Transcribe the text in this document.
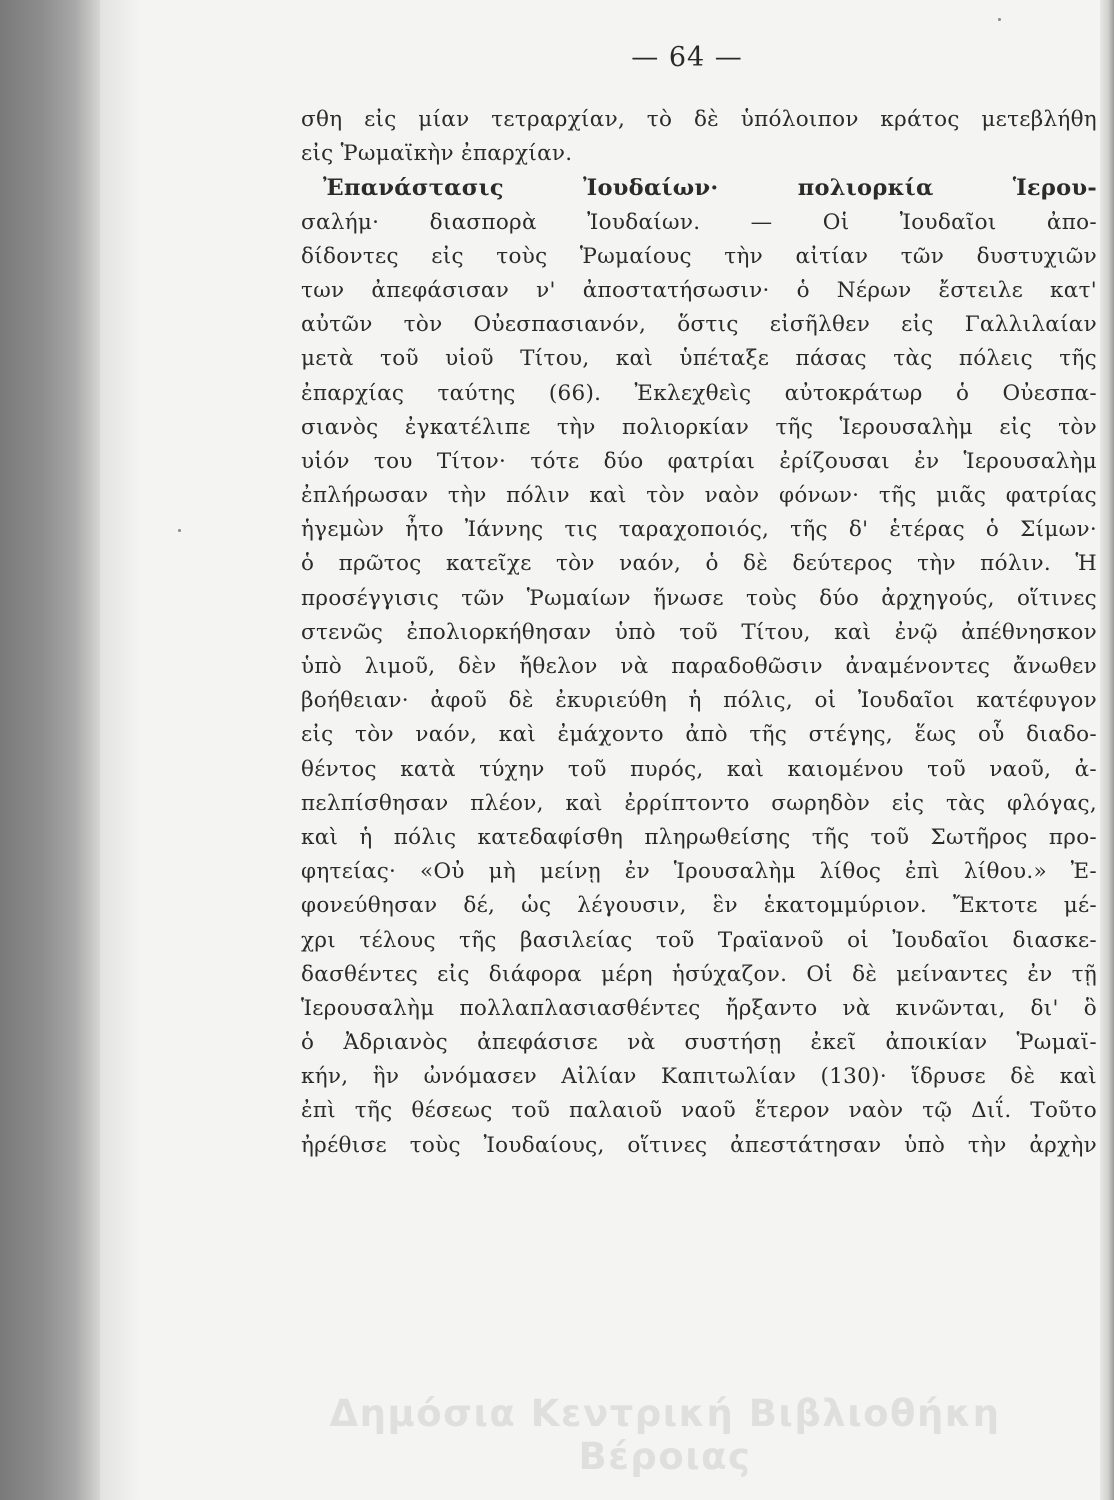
— 64 —
σθη εἰς μίαν τετραρχίαν, τὸ δὲ ὑπόλοιπον κράτος μετεβλήθη
εἰς Ῥωμαϊκὴν ἐπαρχίαν.
Ἐπανάστασις Ἰουδαίων· πολιορκία Ἱερου-
σαλήμ· διασπορὰ Ἰουδαίων. — Οἱ Ἰουδαῖοι ἀπο-
δίδοντες εἰς τοὺς Ῥωμαίους τὴν αἰτίαν τῶν δυστυχιῶν
των ἀπεφάσισαν ν' ἀποστατήσωσιν· ὁ Νέρων ἔστειλε κατ'
αὐτῶν τὸν Οὐεσπασιανόν, ὅστις εἰσῆλθεν εἰς Γαλλιλαίαν
μετὰ τοῦ υἱοῦ Τίτου, καὶ ὑπέταξε πάσας τὰς πόλεις τῆς
ἐπαρχίας ταύτης (66). Ἐκλεχθεὶς αὐτοκράτωρ ὁ Οὐεσπα-
σιανὸς ἐγκατέλιπε τὴν πολιορκίαν τῆς Ἱερουσαλὴμ εἰς τὸν
υἱόν του Τίτον· τότε δύο φατρίαι ἐρίζουσαι ἐν Ἱερουσαλὴμ
ἐπλήρωσαν τὴν πόλιν καὶ τὸν ναὸν φόνων· τῆς μιᾶς φατρίας
ἡγεμὼν ἦτο Ἰάννης τις ταραχοποιός, τῆς δ' ἑτέρας ὁ Σίμων·
ὁ πρῶτος κατεῖχε τὸν ναόν, ὁ δὲ δεύτερος τὴν πόλιν. Ἡ
προσέγγισις τῶν Ῥωμαίων ἥνωσε τοὺς δύο ἀρχηγούς, οἵτινες
στενῶς ἐπολιορκήθησαν ὑπὸ τοῦ Τίτου, καὶ ἐνῷ ἀπέθνησκον
ὑπὸ λιμοῦ, δὲν ἤθελον νὰ παραδοθῶσιν ἀναμένοντες ἄνωθεν
βοήθειαν· ἀφοῦ δὲ ἐκυριεύθη ἡ πόλις, οἱ Ἰουδαῖοι κατέφυγον
εἰς τὸν ναόν, καὶ ἐμάχοντο ἀπὸ τῆς στέγης, ἕως οὗ διαδο-
θέντος κατὰ τύχην τοῦ πυρός, καὶ καιομένου τοῦ ναοῦ, ἀ-
πελπίσθησαν πλέον, καὶ ἐρρίπτοντο σωρηδὸν εἰς τὰς φλόγας,
καὶ ἡ πόλις κατεδαφίσθη πληρωθείσης τῆς τοῦ Σωτῆρος προ-
φητείας· «Οὐ μὴ μείνῃ ἐν Ἱρουσαλὴμ λίθος ἐπὶ λίθου.» Ἐ-
φονεύθησαν δέ, ὡς λέγουσιν, ἓν ἑκατομμύριον. Ἔκτοτε μέ-
χρι τέλους τῆς βασιλείας τοῦ Τραϊανοῦ οἱ Ἰουδαῖοι διασκε-
δασθέντες εἰς διάφορα μέρη ἡσύχαζον. Οἱ δὲ μείναντες ἐν τῇ
Ἱερουσαλὴμ πολλαπλασιασθέντες ἤρξαντο νὰ κινῶνται, δι' ὃ
ὁ Ἀδριανὸς ἀπεφάσισε νὰ συστήσῃ ἐκεῖ ἀποικίαν Ῥωμαϊ-
κήν, ἣν ὠνόμασεν Αἰλίαν Καπιτωλίαν (130)· ἵδρυσε δὲ καὶ
ἐπὶ τῆς θέσεως τοῦ παλαιοῦ ναοῦ ἕτερον ναὸν τῷ Διΐ. Τοῦτο
ἠρέθισε τοὺς Ἰουδαίους, οἵτινες ἀπεστάτησαν ὑπὸ τὴν ἀρχὴν
Δημόσια Κεντρική Βιβλιοθήκη Βέροιας
